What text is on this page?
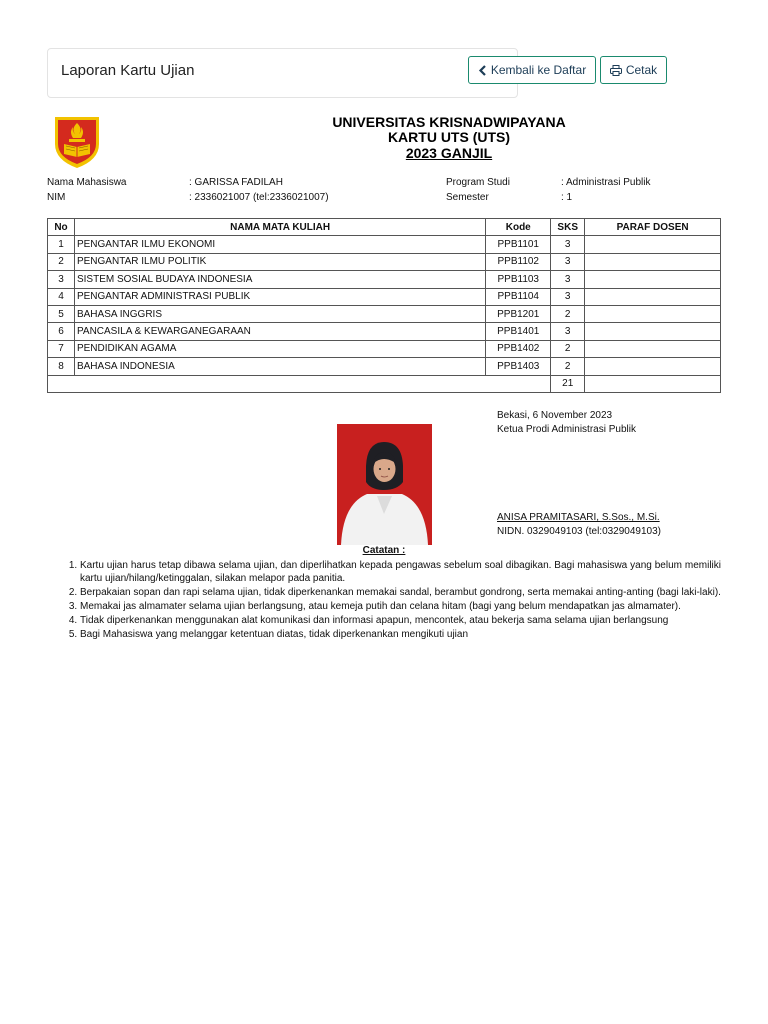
Laporan Kartu Ujian	Kembali ke Daftar	Cetak
UNIVERSITAS KRISNADWIPAYANA
KARTU UTS (UTS)
2023 GANJIL
Nama Mahasiswa	: GARISSA FADILAH
NIM	: 2336021007 (tel:2336021007)
Program Studi	: Administrasi Publik
Semester	: 1
No	NAMA MATA KULIAH	Kode	SKS	PARAF DOSEN
1	PENGANTAR ILMU EKONOMI	PPB1101	3	
2	PENGANTAR ILMU POLITIK	PPB1102	3	
3	SISTEM SOSIAL BUDAYA INDONESIA	PPB1103	3	
4	PENGANTAR ADMINISTRASI PUBLIK	PPB1104	3	
5	BAHASA INGGRIS	PPB1201	2	
6	PANCASILA & KEWARGANEGARAAN	PPB1401	3	
7	PENDIDIKAN AGAMA	PPB1402	2	
8	BAHASA INDONESIA	PPB1403	2	
			21	
Bekasi, 6 November 2023
Ketua Prodi Administrasi Publik
ANISA PRAMITASARI, S.Sos., M.Si.
NIDN. 0329049103 (tel:0329049103)
Catatan :
1. Kartu ujian harus tetap dibawa selama ujian, dan diperlihatkan kepada pengawas sebelum soal dibagikan. Bagi mahasiswa yang belum memiliki kartu ujian/hilang/ketinggalan, silakan melapor pada panitia.
2. Berpakaian sopan dan rapi selama ujian, tidak diperkenankan memakai sandal, berambut gondrong, serta memakai anting-anting (bagi laki-laki).
3. Memakai jas almamater selama ujian berlangsung, atau kemeja putih dan celana hitam (bagi yang belum mendapatkan jas almamater).
4. Tidak diperkenankan menggunakan alat komunikasi dan informasi apapun, mencontek, atau bekerja sama selama ujian berlangsung
5. Bagi Mahasiswa yang melanggar ketentuan diatas, tidak diperkenankan mengikuti ujian
